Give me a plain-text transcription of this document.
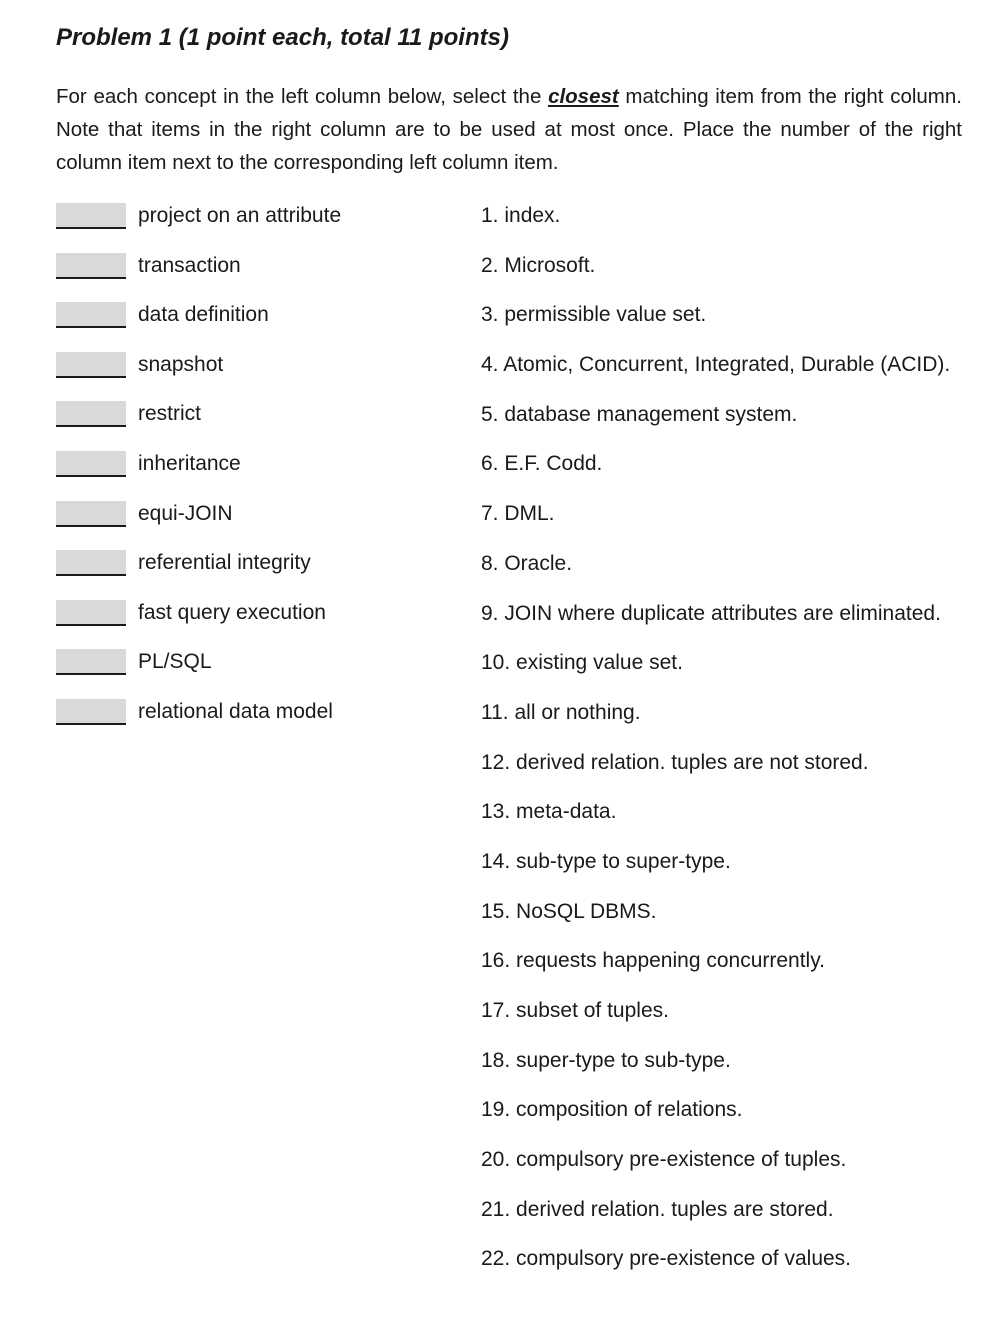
Problem 1 (1 point each, total 11 points)

For each concept in the left column below, select the closest matching item from the right column. Note that items in the right column are to be used at most once. Place the number of the right column item next to the corresponding left column item.

project on an attribute
transaction
data definition
snapshot
restrict
inheritance
equi-JOIN
referential integrity
fast query execution
PL/SQL
relational data model
1. index.
2. Microsoft.
3. permissible value set.
4. Atomic, Concurrent, Integrated, Durable (ACID).
5. database management system.
6. E.F. Codd.
7. DML.
8. Oracle.
9. JOIN where duplicate attributes are eliminated.
10. existing value set.
11. all or nothing.
12. derived relation. tuples are not stored.
13. meta-data.
14. sub-type to super-type.
15. NoSQL DBMS.
16. requests happening concurrently.
17. subset of tuples.
18. super-type to sub-type.
19. composition of relations.
20. compulsory pre-existence of tuples.
21. derived relation. tuples are stored.
22. compulsory pre-existence of values.
